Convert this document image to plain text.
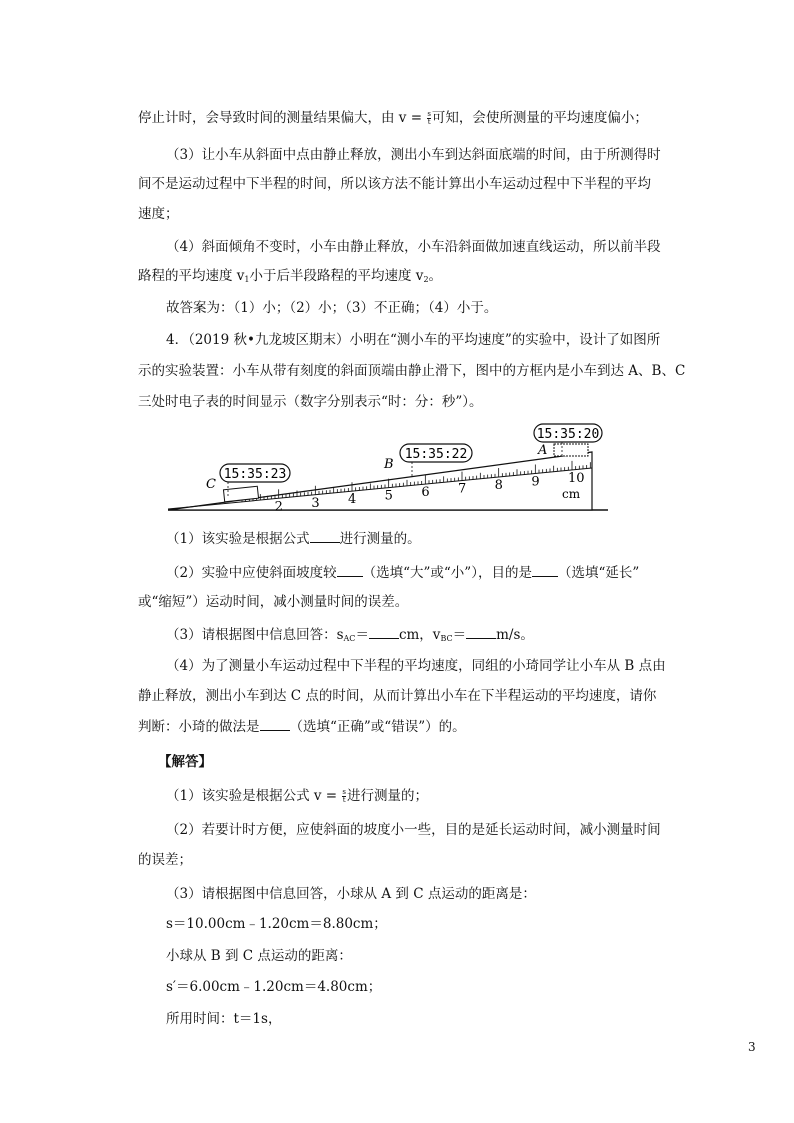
停止计时，会导致时间的测量结果偏大，由 $v = \frac{s}{t}$ 可知，会使所测量的平均速度偏小；
（3）让小车从斜面中点由静止释放，测出小车到达斜面底端的时间，由于所测得时
间不是运动过程中下半程的时间，所以该方法不能计算出小车运动过程中下半程的平均
速度；
（4）斜面倾角不变时，小车由静止释放，小车沿斜面做加速直线运动，所以前半段
路程的平均速度 $v_1$小于后半段路程的平均速度 $v_2$。
故答案为：（1）小；（2）小；（3）不正确；（4）小于。
4．（2019 秋•九龙坡区期末）小明在“测小车的平均速度”的实验中，设计了如图所
示的实验装置：小车从带有刻度的斜面顶端由静止滑下，图中的方框内是小车到达 A、B、C
三处时电子表的时间显示（数字分别表示“时：分：秒”）。
2 3 4 5 6 7 8 9 10
cm
15:35:20
15:35:22
15:35:23
A
B
C
（1）该实验是根据公式 进行测量的。
（2）实验中应使斜面坡度较 （选填“大”或“小”），目的是 （选填“延长”
或“缩短”）运动时间，减小测量时间的误差。
（3）请根据图中信息回答：$s_{AC}=$ cm，$v_{BC}= m/s$。
（4）为了测量小车运动过程中下半程的平均速度，同组的小琦同学让小车从 B 点由
静止释放，测出小车到达 C 点的时间，从而计算出小车在下半程运动的平均速度，请你
判断：小琦的做法是 （选填“正确”或“错误”）的。
【解答】
（1）该实验是根据公式 $v = \frac{s}{t}$ 进行测量的；
（2）若要计时方便，应使斜面的坡度小一些，目的是延长运动时间，减小测量时间
的误差；
（3）请根据图中信息回答，小球从 A 到 C 点运动的距离是：
s＝10.00cm﹣1.20cm＝8.80cm；
小球从 B 到 C 点运动的距离：
s′＝6.00cm﹣1.20cm＝4.80cm；
所用时间：t＝1s，
3
